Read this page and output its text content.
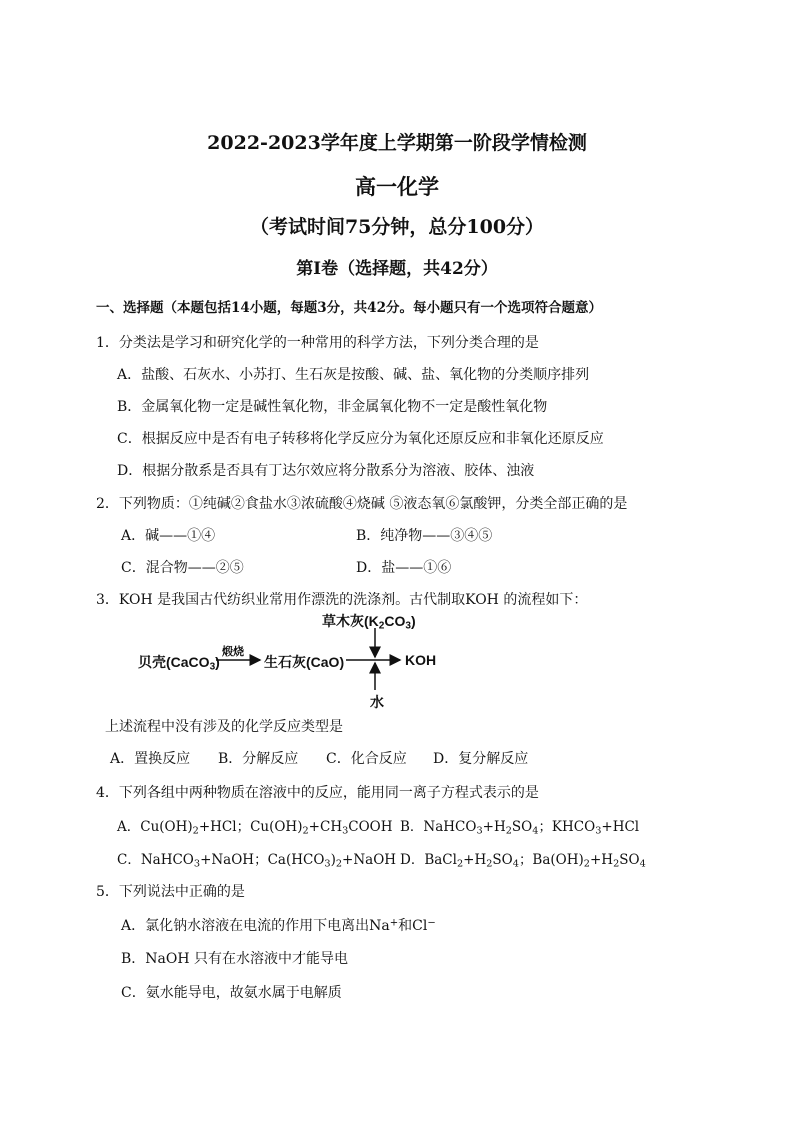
2022-2023学年度上学期第一阶段学情检测
高一化学
（考试时间75分钟，总分100分）
第Ⅰ卷（选择题，共42分）
一、选择题（本题包括14小题，每题3分，共42分。每小题只有一个选项符合题意）
1．分类法是学习和研究化学的一种常用的科学方法，下列分类合理的是
A．盐酸、石灰水、小苏打、生石灰是按酸、碱、盐、氧化物的分类顺序排列
B．金属氧化物一定是碱性氧化物，非金属氧化物不一定是酸性氧化物
C．根据反应中是否有电子转移将化学反应分为氧化还原反应和非氧化还原反应
D．根据分散系是否具有丁达尔效应将分散系分为溶液、胶体、浊液
2．下列物质：①纯碱②食盐水③浓硫酸④烧碱 ⑤液态氧⑥氯酸钾，分类全部正确的是
A．碱——①④	B．纯净物——③④⑤
C．混合物——②⑤	D．盐——①⑥
3．KOH 是我国古代纺织业常用作漂洗的洗涤剂。古代制取KOH 的流程如下：
草木灰$(K_2CO_3)$
贝壳(CaCO$_3$)
煅烧
生石灰(CaO)	KOH
水
上述流程中没有涉及的化学反应类型是
A．置换反应 B．分解反应 C．化合反应 D．复分解反应
4．下列各组中两种物质在溶液中的反应，能用同一离子方程式表示的是
A．$Cu(OH)_2+HCl$；$Cu(OH)_2+CH_3COOH$ B．$NaHCO_3+H_2SO_4$；$KHCO_3+HCl$
C．NaHCO$_3$+NaOH；$Ca(HCO_3)_2+NaOH$ D．$BaCl_2+H_2SO_4$；$Ba(OH)_2+H_2SO_4$
5．下列说法中正确的是
A．氯化钠水溶液在电流的作用下电离出Na+和Cl−
B．NaOH 只有在水溶液中才能导电
C．氨水能导电，故氨水属于电解质
